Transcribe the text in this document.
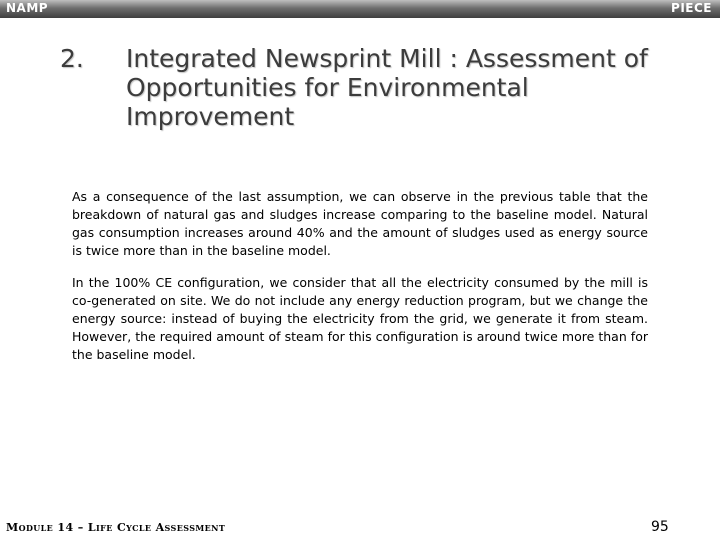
NAMP	PIECE
2. Integrated Newsprint Mill : Assessment of Opportunities for Environmental Improvement

As a consequence of the last assumption, we can observe in the previous table that the breakdown of natural gas and sludges increase comparing to the baseline model. Natural gas consumption increases around 40% and the amount of sludges used as energy source is twice more than in the baseline model.

In the 100% CE configuration, we consider that all the electricity consumed by the mill is co-generated on site. We do not include any energy reduction program, but we change the energy source: instead of buying the electricity from the grid, we generate it from steam. However, the required amount of steam for this configuration is around twice more than for the baseline model.

Module 14 – Life Cycle Assessment	95
